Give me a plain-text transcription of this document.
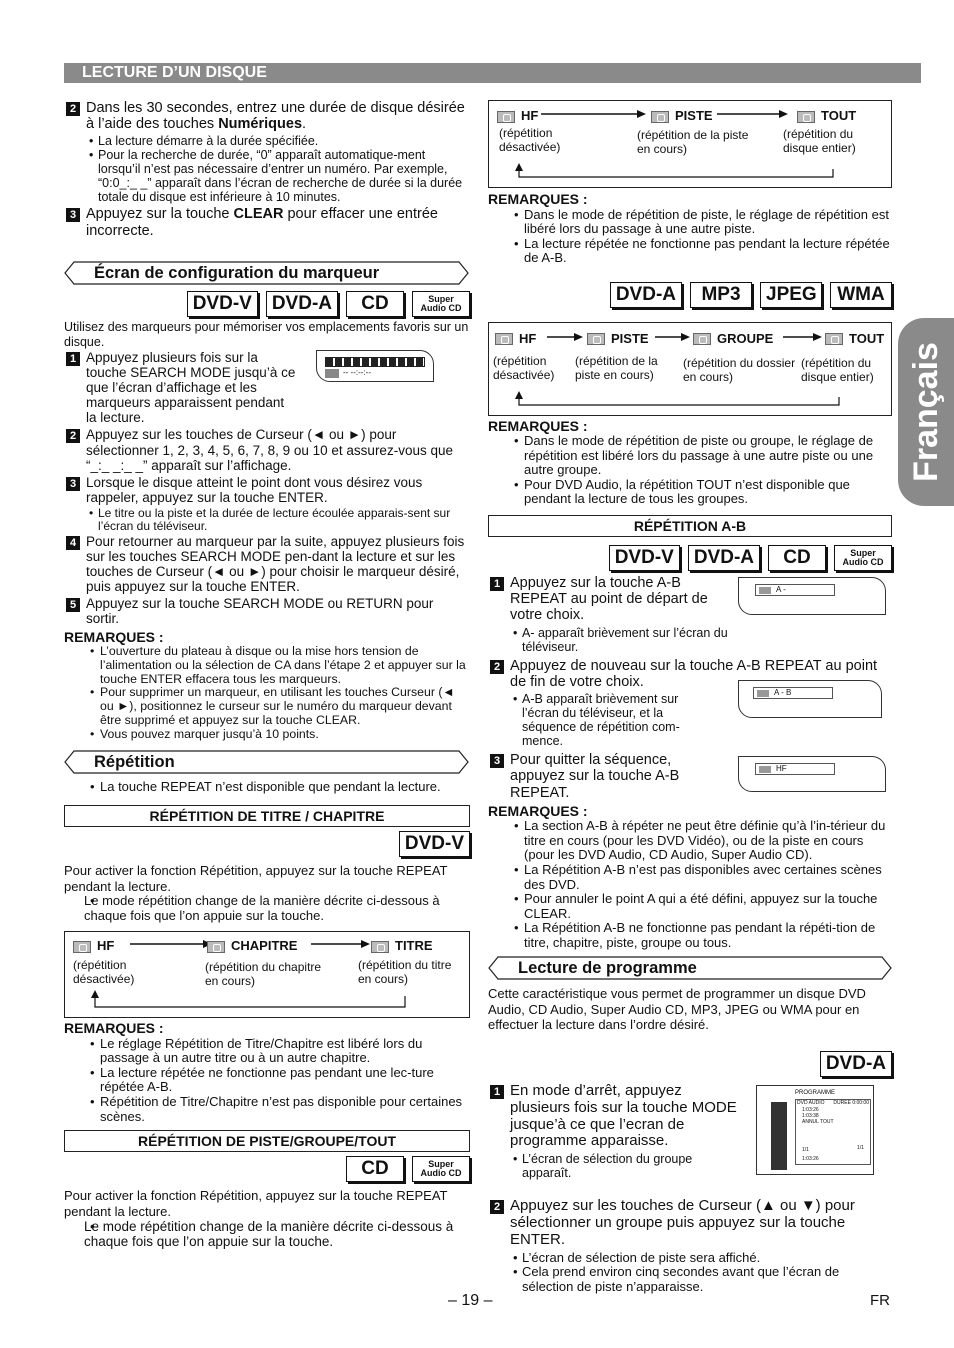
LECTURE D’UN DISQUE
Français
2 Dans les 30 secondes, entrez une durée de disque désirée à l’aide des touches Numériques.
• La lecture démarre à la durée spécifiée.
• Pour la recherche de durée, “0” apparaît automatique-ment lorsqu’il n’est pas nécessaire d’entrer un numéro. Par exemple, “0:0_:_ _” apparaît dans l’écran de recherche de durée si la durée totale du disque est inférieure à 10 minutes.
3 Appuyez sur la touche CLEAR pour effacer une entrée incorrecte.
Écran de configuration du marqueur
DVD-V	DVD-A	CD	Super
Audio CD
Utilisez des marqueurs pour mémoriser vos emplacements favoris sur un disque.
1 Appuyez plusieurs fois sur la touche SEARCH MODE jusqu’à ce que l’écran d’affichage et les marqueurs apparaissent pendant la lecture.
-- --:--:--
2 Appuyez sur les touches de Curseur (◄ ou ►) pour sélectionner 1, 2, 3, 4, 5, 6, 7, 8, 9 ou 10 et assurez-vous que “_:_ _:_ _” apparaît sur l’affichage.
3 Lorsque le disque atteint le point dont vous désirez vous rappeler, appuyez sur la touche ENTER.
• Le titre ou la piste et la durée de lecture écoulée apparais-sent sur l’écran du téléviseur.
4 Pour retourner au marqueur par la suite, appuyez plusieurs fois sur les touches SEARCH MODE pen-dant la lecture et sur les touches de Curseur (◄ ou ►) pour choisir le marqueur désiré, puis appuyez sur la touche ENTER.
5 Appuyez sur la touche SEARCH MODE ou RETURN pour sortir.
REMARQUES :
• L’ouverture du plateau à disque ou la mise hors tension de l’alimentation ou la sélection de CA dans l’étape 2 et appuyer sur la touche ENTER effacera tous les marqueurs.
• Pour supprimer un marqueur, en utilisant les touches Curseur (◄ ou ►), positionnez le curseur sur le numéro du marqueur devant être supprimé et appuyez sur la touche CLEAR.
• Vous pouvez marquer jusqu’à 10 points.
Répétition
• La touche REPEAT n’est disponible que pendant la lecture.
RÉPÉTITION DE TITRE / CHAPITRE
DVD-V
Pour activer la fonction Répétition, appuyez sur la touche REPEAT pendant la lecture.
• Le mode répétition change de la manière décrite ci-dessous à chaque fois que l’on appuie sur la touche.
HF	CHAPITRE	TITRE
(répétition désactivée)
(répétition du chapitre en cours)
(répétition du titre en cours)
REMARQUES :
• Le réglage Répétition de Titre/Chapitre est libéré lors du passage à un autre titre ou à un autre chapitre.
• La lecture répétée ne fonctionne pas pendant une lec-ture répétée A-B.
• Répétition de Titre/Chapitre n’est pas disponible pour certaines scènes.
RÉPÉTITION DE PISTE/GROUPE/TOUT
CD	Super
Audio CD
Pour activer la fonction Répétition, appuyez sur la touche REPEAT pendant la lecture.
• Le mode répétition change de la manière décrite ci-dessous à chaque fois que l’on appuie sur la touche.
HF	PISTE	TOUT
(répétition désactivée)
(répétition de la piste en cours)
(répétition du disque entier)
REMARQUES :
• Dans le mode de répétition de piste, le réglage de répétition est libéré lors du passage à une autre piste.
• La lecture répétée ne fonctionne pas pendant la lecture répétée de A-B.
DVD-A	MP3	JPEG	WMA
HF	PISTE	GROUPE	TOUT
(répétition désactivée)
(répétition de la piste en cours)
(répétition du dossier en cours)
(répétition du disque entier)
REMARQUES :
• Dans le mode de répétition de piste ou groupe, le réglage de répétition est libéré lors du passage à une autre piste ou une autre groupe.
• Pour DVD Audio, la répétition TOUT n’est disponible que pendant la lecture de tous les groupes.
RÉPÉTITION A-B
DVD-V	DVD-A	CD	Super
Audio CD
1 Appuyez sur la touche A-B REPEAT au point de départ de votre choix.
• A- apparaît brièvement sur l’écran du téléviseur.
A -
2 Appuyez de nouveau sur la touche A-B REPEAT au point de fin de votre choix.
• A-B apparaît brièvement sur l’écran du téléviseur, et la séquence de répétition com-mence.
A - B
3 Pour quitter la séquence, appuyez sur la touche A-B REPEAT.
HF
REMARQUES :
• La section A-B à répéter ne peut être définie qu’à l’in-térieur du titre en cours (pour les DVD Vidéo), ou de la piste en cours (pour les DVD Audio, CD Audio, Super Audio CD).
• La Répétition A-B n’est pas disponibles avec certaines scènes des DVD.
• Pour annuler le point A qui a été défini, appuyez sur la touche CLEAR.
• La Répétition A-B ne fonctionne pas pendant la répéti-tion de titre, chapitre, piste, groupe ou tous.
Lecture de programme
Cette caractéristique vous permet de programmer un disque DVD Audio, CD Audio, Super Audio CD, MP3, JPEG ou WMA pour en effectuer la lecture dans l’ordre désiré.
DVD-A
1 En mode d’arrêt, appuyez plusieurs fois sur la touche MODE jusque’à ce que l’ecran de programme apparaisse.
• L’écran de sélection du groupe apparaît.
PROGRAMME
DVD AUDIO DUREE 0:00:00
1:03:26
1:03:38
ANNUL TOUT
1/1	1/1
1:03:26
2 Appuyez sur les touches de Curseur (▲ ou ▼) pour sélectionner un groupe puis appuyez sur la touche ENTER.
• L’écran de sélection de piste sera affiché.
• Cela prend environ cinq secondes avant que l’écran de sélection de piste n’apparaisse.
– 19 –	FR
